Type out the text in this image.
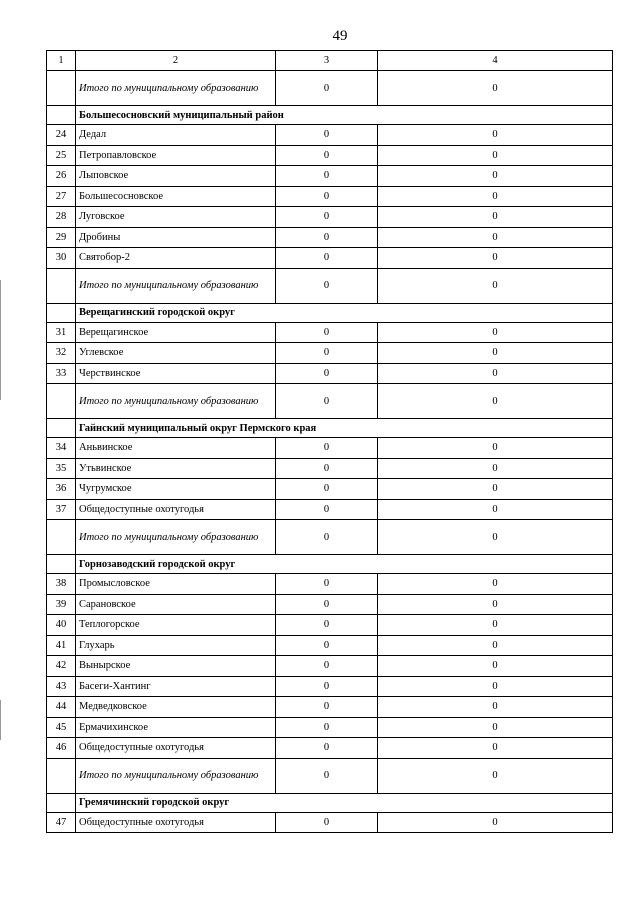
49
1	2	3	4
	Итого по муниципальному образованию	0	0
	Большесосновский муниципальный район		
24	Дедал	0	0
25	Петропавловское	0	0
26	Лыповское	0	0
27	Большесосновское	0	0
28	Луговское	0	0
29	Дробины	0	0
30	Святобор-2	0	0
	Итого по муниципальному образованию	0	0
	Верещагинский городской округ		
31	Верещагинское	0	0
32	Углевское	0	0
33	Черствинское	0	0
	Итого по муниципальному образованию	0	0
	Гайнский муниципальный округ Пермского края		
34	Аньвинское	0	0
35	Утьвинское	0	0
36	Чугрумское	0	0
37	Общедоступные охотугодья	0	0
	Итого по муниципальному образованию	0	0
	Горнозаводский городской округ		
38	Промысловское	0	0
39	Сарановское	0	0
40	Теплогорское	0	0
41	Глухарь	0	0
42	Вынырское	0	0
43	Басеги-Хантинг	0	0
44	Медведковское	0	0
45	Ермачихинское	0	0
46	Общедоступные охотугодья	0	0
	Итого по муниципальному образованию	0	0
	Гремячинский городской округ		
47	Общедоступные охотугодья	0	0
